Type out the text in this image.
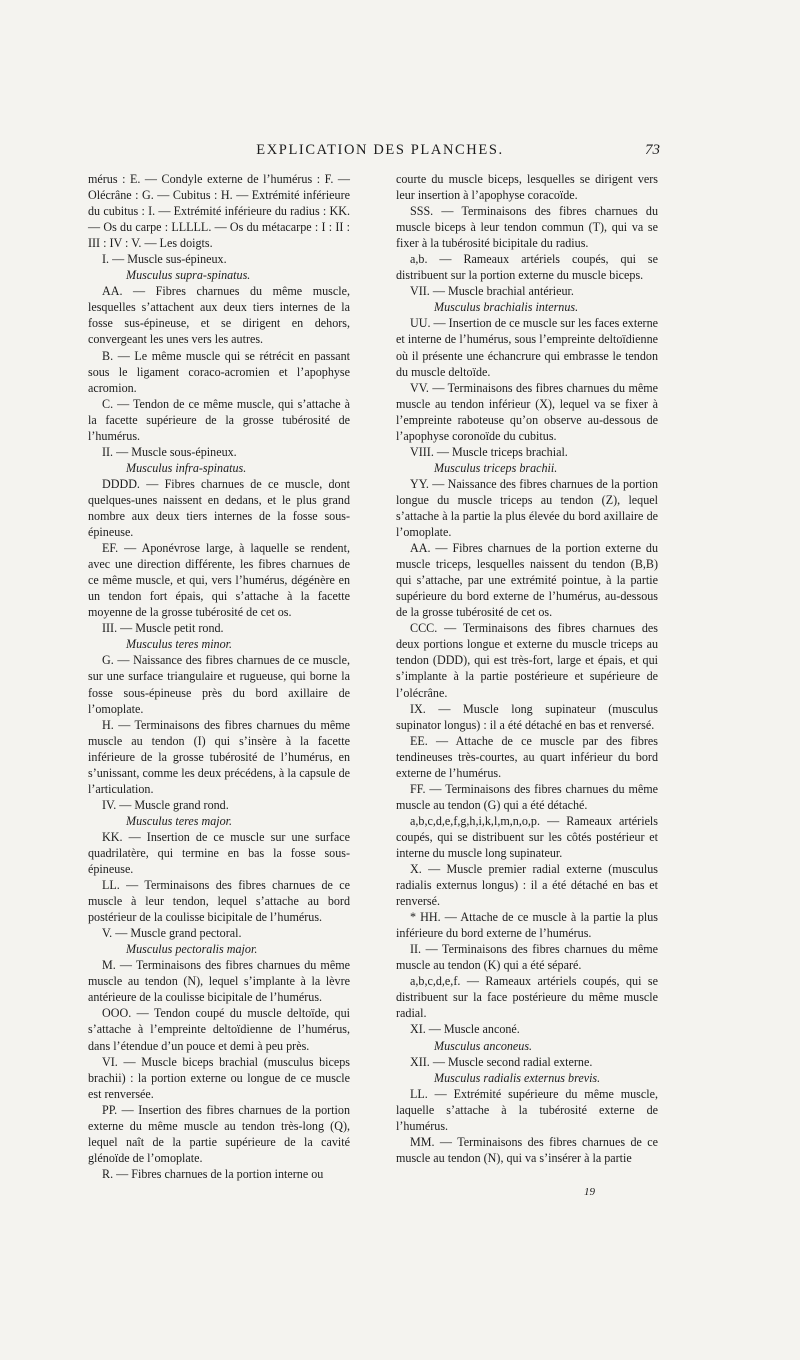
EXPLICATION DES PLANCHES.	73

mérus : E. — Condyle externe de l’humérus : F. — Olécrâne : G. — Cubitus : H. — Extrémité inférieure du cubitus : I. — Extrémité inférieure du radius : KK. — Os du carpe : LLLLL. — Os du métacarpe : I : II : III : IV : V. — Les doigts.

I. — Muscle sus-épineux.

Musculus supra-spinatus.

AA. — Fibres charnues du même muscle, lesquelles s’attachent aux deux tiers internes de la fosse sus-épineuse, et se dirigent en dehors, convergeant les unes vers les autres.

B. — Le même muscle qui se rétrécit en passant sous le ligament coraco-acromien et l’apophyse acromion.

C. — Tendon de ce même muscle, qui s’attache à la facette supérieure de la grosse tubérosité de l’humérus.

II. — Muscle sous-épineux.

Musculus infra-spinatus.

DDDD. — Fibres charnues de ce muscle, dont quelques-unes naissent en dedans, et le plus grand nombre aux deux tiers internes de la fosse sous-épineuse.

EF. — Aponévrose large, à laquelle se rendent, avec une direction différente, les fibres charnues de ce même muscle, et qui, vers l’humérus, dégénère en un tendon fort épais, qui s’attache à la facette moyenne de la grosse tubérosité de cet os.

III. — Muscle petit rond.

Musculus teres minor.

G. — Naissance des fibres charnues de ce muscle, sur une surface triangulaire et rugueuse, qui borne la fosse sous-épineuse près du bord axillaire de l’omoplate.

H. — Terminaisons des fibres charnues du même muscle au tendon (I) qui s’insère à la facette inférieure de la grosse tubérosité de l’humérus, en s’unissant, comme les deux précédens, à la capsule de l’articulation.

IV. — Muscle grand rond.

Musculus teres major.

KK. — Insertion de ce muscle sur une surface quadrilatère, qui termine en bas la fosse sous-épineuse.

LL. — Terminaisons des fibres charnues de ce muscle à leur tendon, lequel s’attache au bord postérieur de la coulisse bicipitale de l’humérus.

V. — Muscle grand pectoral.

Musculus pectoralis major.

M. — Terminaisons des fibres charnues du même muscle au tendon (N), lequel s’implante à la lèvre antérieure de la coulisse bicipitale de l’humérus.

OOO. — Tendon coupé du muscle deltoïde, qui s’attache à l’empreinte deltoïdienne de l’humérus, dans l’étendue d’un pouce et demi à peu près.

VI. — Muscle biceps brachial (musculus biceps brachii) : la portion externe ou longue de ce muscle est renversée.

PP. — Insertion des fibres charnues de la portion externe du même muscle au tendon très-long (Q), lequel naît de la partie supérieure de la cavité glénoïde de l’omoplate.

R. — Fibres charnues de la portion interne ou

courte du muscle biceps, lesquelles se dirigent vers leur insertion à l’apophyse coracoïde.

SSS. — Terminaisons des fibres charnues du muscle biceps à leur tendon commun (T), qui va se fixer à la tubérosité bicipitale du radius.

a,b. — Rameaux artériels coupés, qui se distribuent sur la portion externe du muscle biceps.

VII. — Muscle brachial antérieur.

Musculus brachialis internus.

UU. — Insertion de ce muscle sur les faces externe et interne de l’humérus, sous l’empreinte deltoïdienne où il présente une échancrure qui embrasse le tendon du muscle deltoïde.

VV. — Terminaisons des fibres charnues du même muscle au tendon inférieur (X), lequel va se fixer à l’empreinte raboteuse qu’on observe au-dessous de l’apophyse coronoïde du cubitus.

VIII. — Muscle triceps brachial.

Musculus triceps brachii.

YY. — Naissance des fibres charnues de la portion longue du muscle triceps au tendon (Z), lequel s’attache à la partie la plus élevée du bord axillaire de l’omoplate.

AA. — Fibres charnues de la portion externe du muscle triceps, lesquelles naissent du tendon (B,B) qui s’attache, par une extrémité pointue, à la partie supérieure du bord externe de l’humérus, au-dessous de la grosse tubérosité de cet os.

CCC. — Terminaisons des fibres charnues des deux portions longue et externe du muscle triceps au tendon (DDD), qui est très-fort, large et épais, et qui s’implante à la partie postérieure et supérieure de l’olécrâne.

IX. — Muscle long supinateur (musculus supinator longus) : il a été détaché en bas et renversé.

EE. — Attache de ce muscle par des fibres tendineuses très-courtes, au quart inférieur du bord externe de l’humérus.

FF. — Terminaisons des fibres charnues du même muscle au tendon (G) qui a été détaché.

a,b,c,d,e,f,g,h,i,k,l,m,n,o,p. — Rameaux artériels coupés, qui se distribuent sur les côtés postérieur et interne du muscle long supinateur.

X. — Muscle premier radial externe (musculus radialis externus longus) : il a été détaché en bas et renversé.

* HH. — Attache de ce muscle à la partie la plus inférieure du bord externe de l’humérus.

II. — Terminaisons des fibres charnues du même muscle au tendon (K) qui a été séparé.

a,b,c,d,e,f. — Rameaux artériels coupés, qui se distribuent sur la face postérieure du même muscle radial.

XI. — Muscle anconé.

Musculus anconeus.

XII. — Muscle second radial externe.

Musculus radialis externus brevis.

LL. — Extrémité supérieure du même muscle, laquelle s’attache à la tubérosité externe de l’humérus.

MM. — Terminaisons des fibres charnues de ce muscle au tendon (N), qui va s’insérer à la partie

19
